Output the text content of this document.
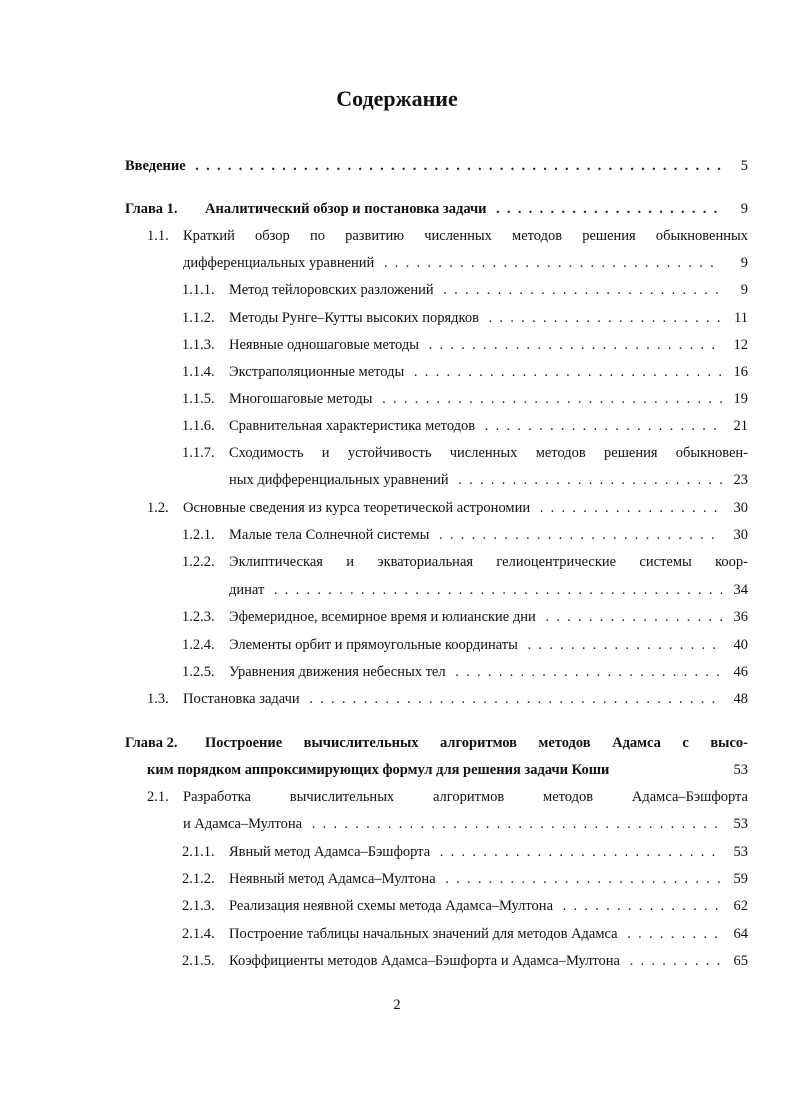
Содержание
Введение . .	5
Глава 1. Аналитический обзор и постановка задачи . .	9
1.1. Краткий обзор по развитию численных методов решения обыкновенных
дифференциальных уравнений . .	9
1.1.1. Метод тейлоровских разложений . .	9
1.1.2. Методы Рунге–Кутты высоких порядков . .	11
1.1.3. Неявные одношаговые методы . .	12
1.1.4. Экстраполяционные методы . .	16
1.1.5. Многошаговые методы . .	19
1.1.6. Сравнительная характеристика методов . .	21
1.1.7. Сходимость и устойчивость численных методов решения обыкновен-
ных дифференциальных уравнений . .	23
1.2. Основные сведения из курса теоретической астрономии . .	30
1.2.1. Малые тела Солнечной системы . .	30
1.2.2. Эклиптическая и экваториальная гелиоцентрические системы коор-
динат . .	34
1.2.3. Эфемеридное, всемирное время и юлианские дни . .	36
1.2.4. Элементы орбит и прямоугольные координаты . .	40
1.2.5. Уравнения движения небесных тел . .	46
1.3. Постановка задачи . .	48
Глава 2. Построение вычислительных алгоритмов методов Адамса с высо-
ким порядком аппроксимирующих формул для решения задачи Коши	53
2.1. Разработка вычислительных алгоритмов методов Адамса–Бэшфорта
и Адамса–Мултона . .	53
2.1.1. Явный метод Адамса–Бэшфорта . .	53
2.1.2. Неявный метод Адамса–Мултона . .	59
2.1.3. Реализация неявной схемы метода Адамса–Мултона . .	62
2.1.4. Построение таблицы начальных значений для методов Адамса . .	64
2.1.5. Коэффициенты методов Адамса–Бэшфорта и Адамса–Мултона . .	65
2
